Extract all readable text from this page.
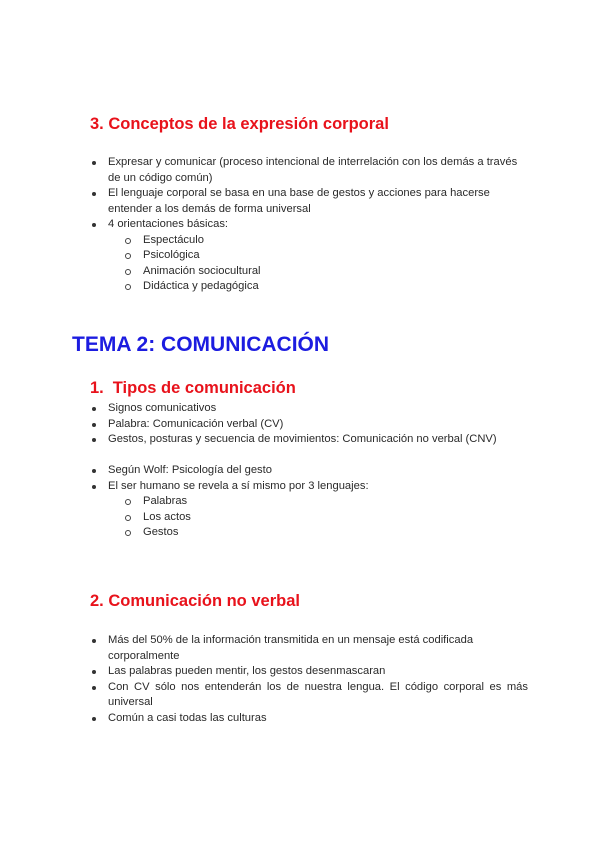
3. Conceptos de la expresión corporal
Expresar y comunicar (proceso intencional de interrelación con los demás a través de un código común)
El lenguaje corporal se basa en una base de gestos y acciones para hacerse entender a los demás de forma universal
4 orientaciones básicas:
Espectáculo
Psicológica
Animación sociocultural
Didáctica y pedagógica
TEMA 2: COMUNICACIÓN
1. Tipos de comunicación
Signos comunicativos
Palabra: Comunicación verbal (CV)
Gestos, posturas y secuencia de movimientos: Comunicación no verbal (CNV)
Según Wolf: Psicología del gesto
El ser humano se revela a sí mismo por 3 lenguajes:
Palabras
Los actos
Gestos
2. Comunicación no verbal
Más del 50% de la información transmitida en un mensaje está codificada corporalmente
Las palabras pueden mentir, los gestos desenmascaran
Con CV sólo nos entenderán los de nuestra lengua. El código corporal es más universal
Común a casi todas las culturas
